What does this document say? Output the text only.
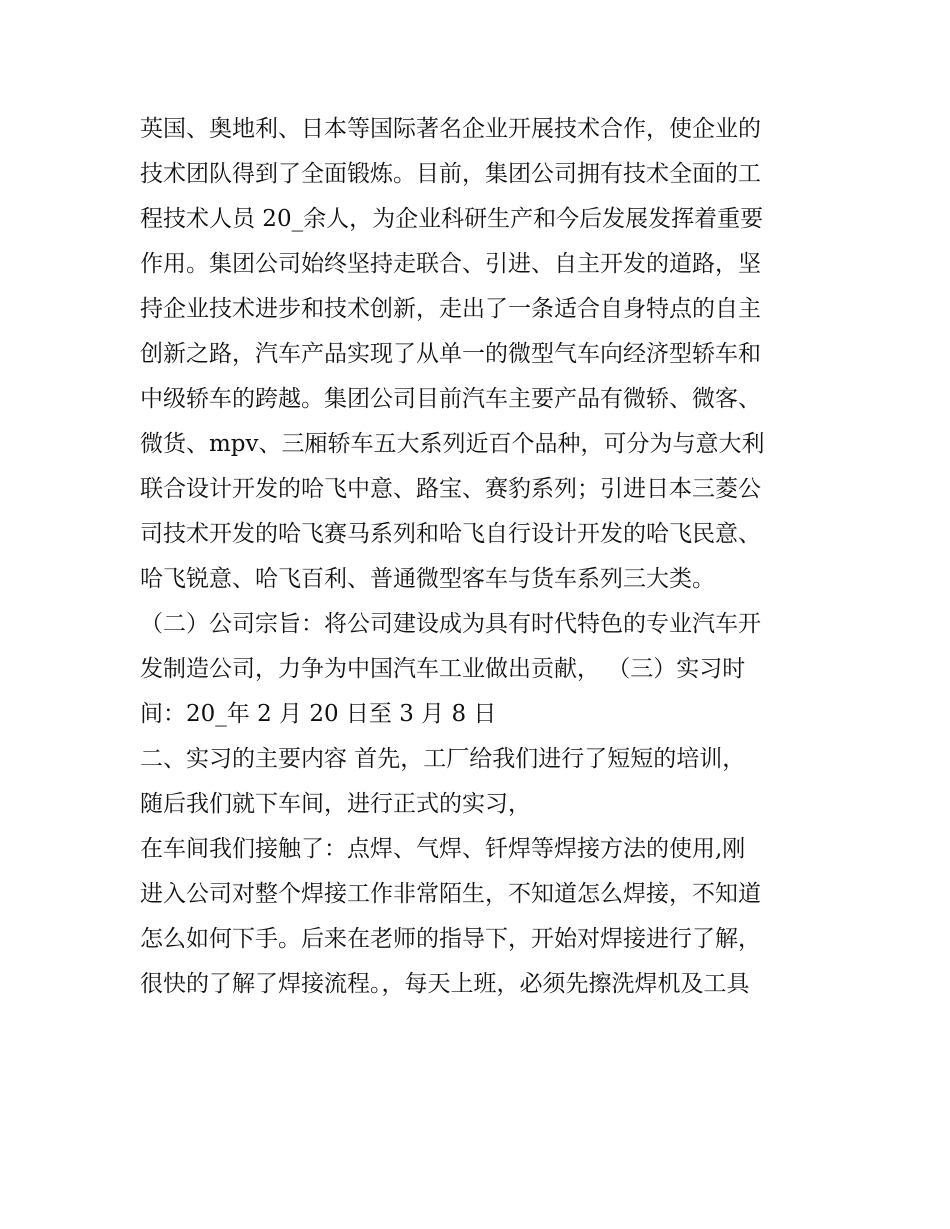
英国、奥地利、日本等国际著名企业开展技术合作，使企业的
技术团队得到了全面锻炼。目前，集团公司拥有技术全面的工
程技术人员 20_余人，为企业科研生产和今后发展发挥着重要
作用。集团公司始终坚持走联合、引进、自主开发的道路，坚
持企业技术进步和技术创新，走出了一条适合自身特点的自主
创新之路，汽车产品实现了从单一的微型气车向经济型轿车和
中级轿车的跨越。集团公司目前汽车主要产品有微轿、微客、
微货、mpv、三厢轿车五大系列近百个品种，可分为与意大利
联合设计开发的哈飞中意、路宝、赛豹系列；引进日本三菱公
司技术开发的哈飞赛马系列和哈飞自行设计开发的哈飞民意、
哈飞锐意、哈飞百利、普通微型客车与货车系列三大类。
（二）公司宗旨：将公司建设成为具有时代特色的专业汽车开
发制造公司，力争为中国汽车工业做出贡献， （三）实习时
间：20_年 2 月 20 日至 3 月 8 日
二、实习的主要内容 首先，工厂给我们进行了短短的培训，
随后我们就下车间，进行正式的实习，
在车间我们接触了：点焊、气焊、钎焊等焊接方法的使用,刚
进入公司对整个焊接工作非常陌生，不知道怎么焊接，不知道
怎么如何下手。后来在老师的指导下，开始对焊接进行了解，
很快的了解了焊接流程。，每天上班，必须先擦洗焊机及工具
